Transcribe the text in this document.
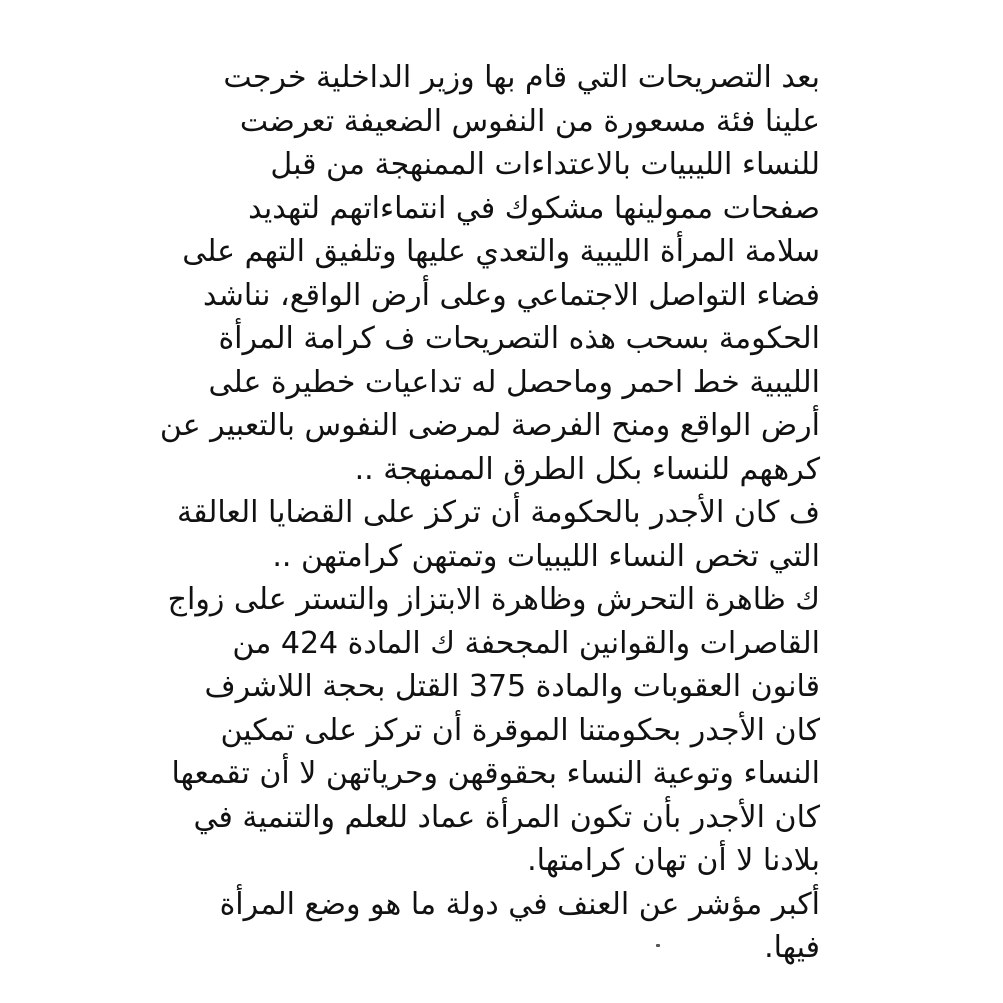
بعد التصريحات التي قام بها وزير الداخلية خرجت
علينا فئة مسعورة من النفوس الضعيفة تعرضت
للنساء الليبيات بالاعتداءات الممنهجة من قبل
صفحات ممولينها مشكوك في انتماءاتهم لتهديد
سلامة المرأة الليبية والتعدي عليها وتلفيق التهم على
فضاء التواصل الاجتماعي وعلى أرض الواقع، نناشد
الحكومة بسحب هذه التصريحات ف كرامة المرأة
الليبية خط احمر وماحصل له تداعيات خطيرة على
أرض الواقع ومنح الفرصة لمرضى النفوس بالتعبير عن
كرههم للنساء بكل الطرق الممنهجة ..
ف كان الأجدر بالحكومة أن تركز على القضايا العالقة
التي تخص النساء الليبيات وتمتهن كرامتهن ..
ك ظاهرة التحرش وظاهرة الابتزاز والتستر على زواج
القاصرات والقوانين المجحفة ك المادة 424 من
قانون العقوبات والمادة 375 القتل بحجة اللاشرف
كان الأجدر بحكومتنا الموقرة أن تركز على تمكين
النساء وتوعية النساء بحقوقهن وحرياتهن لا أن تقمعها
كان الأجدر بأن تكون المرأة عماد للعلم والتنمية في
بلادنا لا أن تهان كرامتها.
أكبر مؤشر عن العنف في دولة ما هو وضع المرأة
فيها.
